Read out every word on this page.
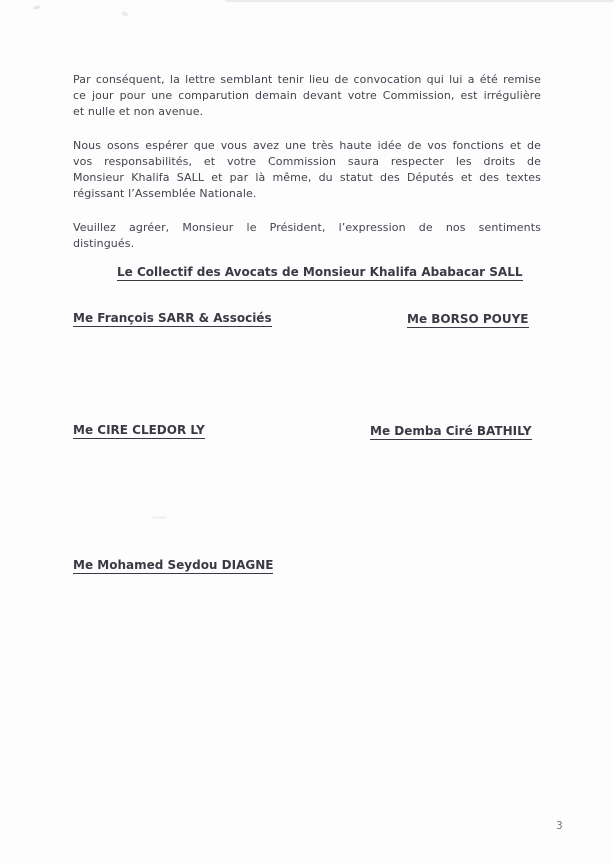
Par conséquent, la lettre semblant tenir lieu de convocation qui lui a été remise
ce jour pour une comparution demain devant votre Commission, est irrégulière
et nulle et non avenue.
Nous osons espérer que vous avez une très haute idée de vos fonctions et de
vos responsabilités, et votre Commission saura respecter les droits de
Monsieur Khalifa SALL et par là même, du statut des Députés et des textes
régissant l’Assemblée Nationale.
Veuillez agréer, Monsieur le Président, l’expression de nos sentiments
distingués.
Le Collectif des Avocats de Monsieur Khalifa Ababacar SALL
Me François SARR & Associés	Me BORSO POUYE
Me CIRE CLEDOR LY	Me Demba Ciré BATHILY
Me Mohamed Seydou DIAGNE
3
